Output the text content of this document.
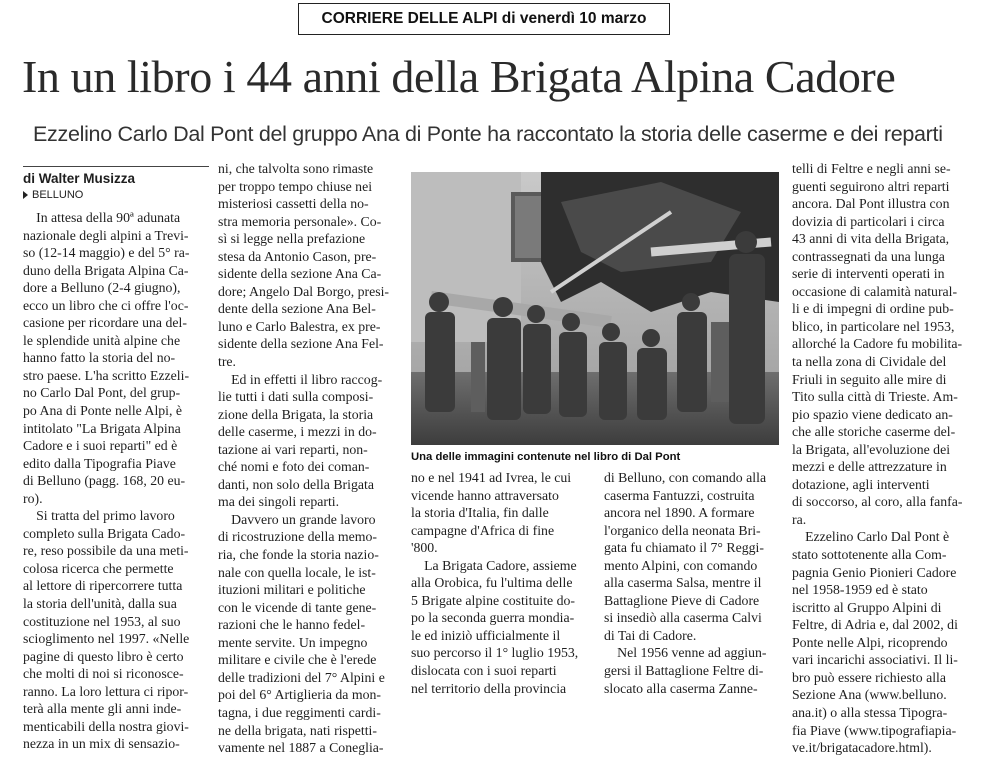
CORRIERE DELLE ALPI di venerdì 10 marzo
In un libro i 44 anni della Brigata Alpina Cadore
Ezzelino Carlo Dal Pont del gruppo Ana di Ponte ha raccontato la storia delle caserme e dei reparti
di Walter Musizza
BELLUNO

In attesa della 90ª adunata
nazionale degli alpini a Trevi-
so (12-14 maggio) e del 5° ra-
duno della Brigata Alpina Ca-
dore a Belluno (2-4 giugno),
ecco un libro che ci offre l'oc-
casione per ricordare una del-
le splendide unità alpine che
hanno fatto la storia del no-
stro paese. L'ha scritto Ezzeli-
no Carlo Dal Pont, del grup-
po Ana di Ponte nelle Alpi, è
intitolato "La Brigata Alpina
Cadore e i suoi reparti" ed è
edito dalla Tipografia Piave
di Belluno (pagg. 168, 20 eu-
ro).

Si tratta del primo lavoro
completo sulla Brigata Cado-
re, reso possibile da una meti-
colosa ricerca che permette
al lettore di ripercorrere tutta
la storia dell'unità, dalla sua
costituzione nel 1953, al suo
scioglimento nel 1997. «Nelle
pagine di questo libro è certo
che molti di noi si riconosce-
ranno. La loro lettura ci ripor-
terà alla mente gli anni inde-
menticabili della nostra giovi-
nezza in un mix di sensazio-

ni, che talvolta sono rimaste
per troppo tempo chiuse nei
misteriosi cassetti della no-
stra memoria personale». Co-
sì si legge nella prefazione
stesa da Antonio Cason, pre-
sidente della sezione Ana Ca-
dore; Angelo Dal Borgo, presi-
dente della sezione Ana Bel-
luno e Carlo Balestra, ex pre-
sidente della sezione Ana Fel-
tre.

Ed in effetti il libro raccog-
lie tutti i dati sulla composi-
zione della Brigata, la storia
delle caserme, i mezzi in do-
tazione ai vari reparti, non-
ché nomi e foto dei coman-
danti, non solo della Brigata
ma dei singoli reparti.

Davvero un grande lavoro
di ricostruzione della memo-
ria, che fonde la storia nazio-
nale con quella locale, le ist-
ituzioni militari e politiche
con le vicende di tante gene-
razioni che le hanno fedel-
mente servite. Un impegno
militare e civile che è l'erede
delle tradizioni del 7° Alpini e
poi del 6° Artiglieria da mon-
tagna, i due reggimenti cardi-
ne della brigata, nati rispetti-
vamente nel 1887 a Conegliа-

Una delle immagini contenute nel libro di Dal Pont

no e nel 1941 ad Ivrea, le cui
vicende hanno attraversato
la storia d'Italia, fin dalle
campagne d'Africa di fine
'800.

La Brigata Cadore, assieme
alla Orobica, fu l'ultima delle
5 Brigate alpine costituite do-
po la seconda guerra mondia-
le ed iniziò ufficialmente il
suo percorso il 1° luglio 1953,
dislocata con i suoi reparti
nel territorio della provincia

di Belluno, con comando alla
caserma Fantuzzi, costruita
ancora nel 1890. A formare
l'organico della neonata Bri-
gata fu chiamato il 7° Reggi-
mento Alpini, con comando
alla caserma Salsa, mentre il
Battaglione Pieve di Cadore
si insediò alla caserma Calvi
di Tai di Cadore.

Nel 1956 venne ad aggiun-
gersi il Battaglione Feltre di-
slocato alla caserma Zanne-

telli di Feltre e negli anni se-
guenti seguirono altri reparti
ancora. Dal Pont illustra con
dovizia di particolari i circa
43 anni di vita della Brigata,
contrassegnati da una lunga
serie di interventi operati in
occasione di calamità natural-
li e di impegni di ordine pub-
blico, in particolare nel 1953,
allorché la Cadore fu mobilita-
ta nella zona di Cividale del
Friuli in seguito alle mire di
Tito sulla città di Trieste. Am-
pio spazio viene dedicato an-
che alle storiche caserme del-
la Brigata, all'evoluzione dei
mezzi e delle attrezzature in
dotazione, agli interventi
di soccorso, al coro, alla fanfa-
ra.

Ezzelino Carlo Dal Pont è
stato sottotenente alla Com-
pagnia Genio Pionieri Cadore
nel 1958-1959 ed è stato
iscritto al Gruppo Alpini di
Feltre, di Adria e, dal 2002, di
Ponte nelle Alpi, ricoprendo
vari incarichi associativi. Il li-
bro può essere richiesto alla
Sezione Ana (www.belluno.
ana.it) o alla stessa Tipogra-
fia Piave (www.tipografiapia-
ve.it/brigatacadore.html).
